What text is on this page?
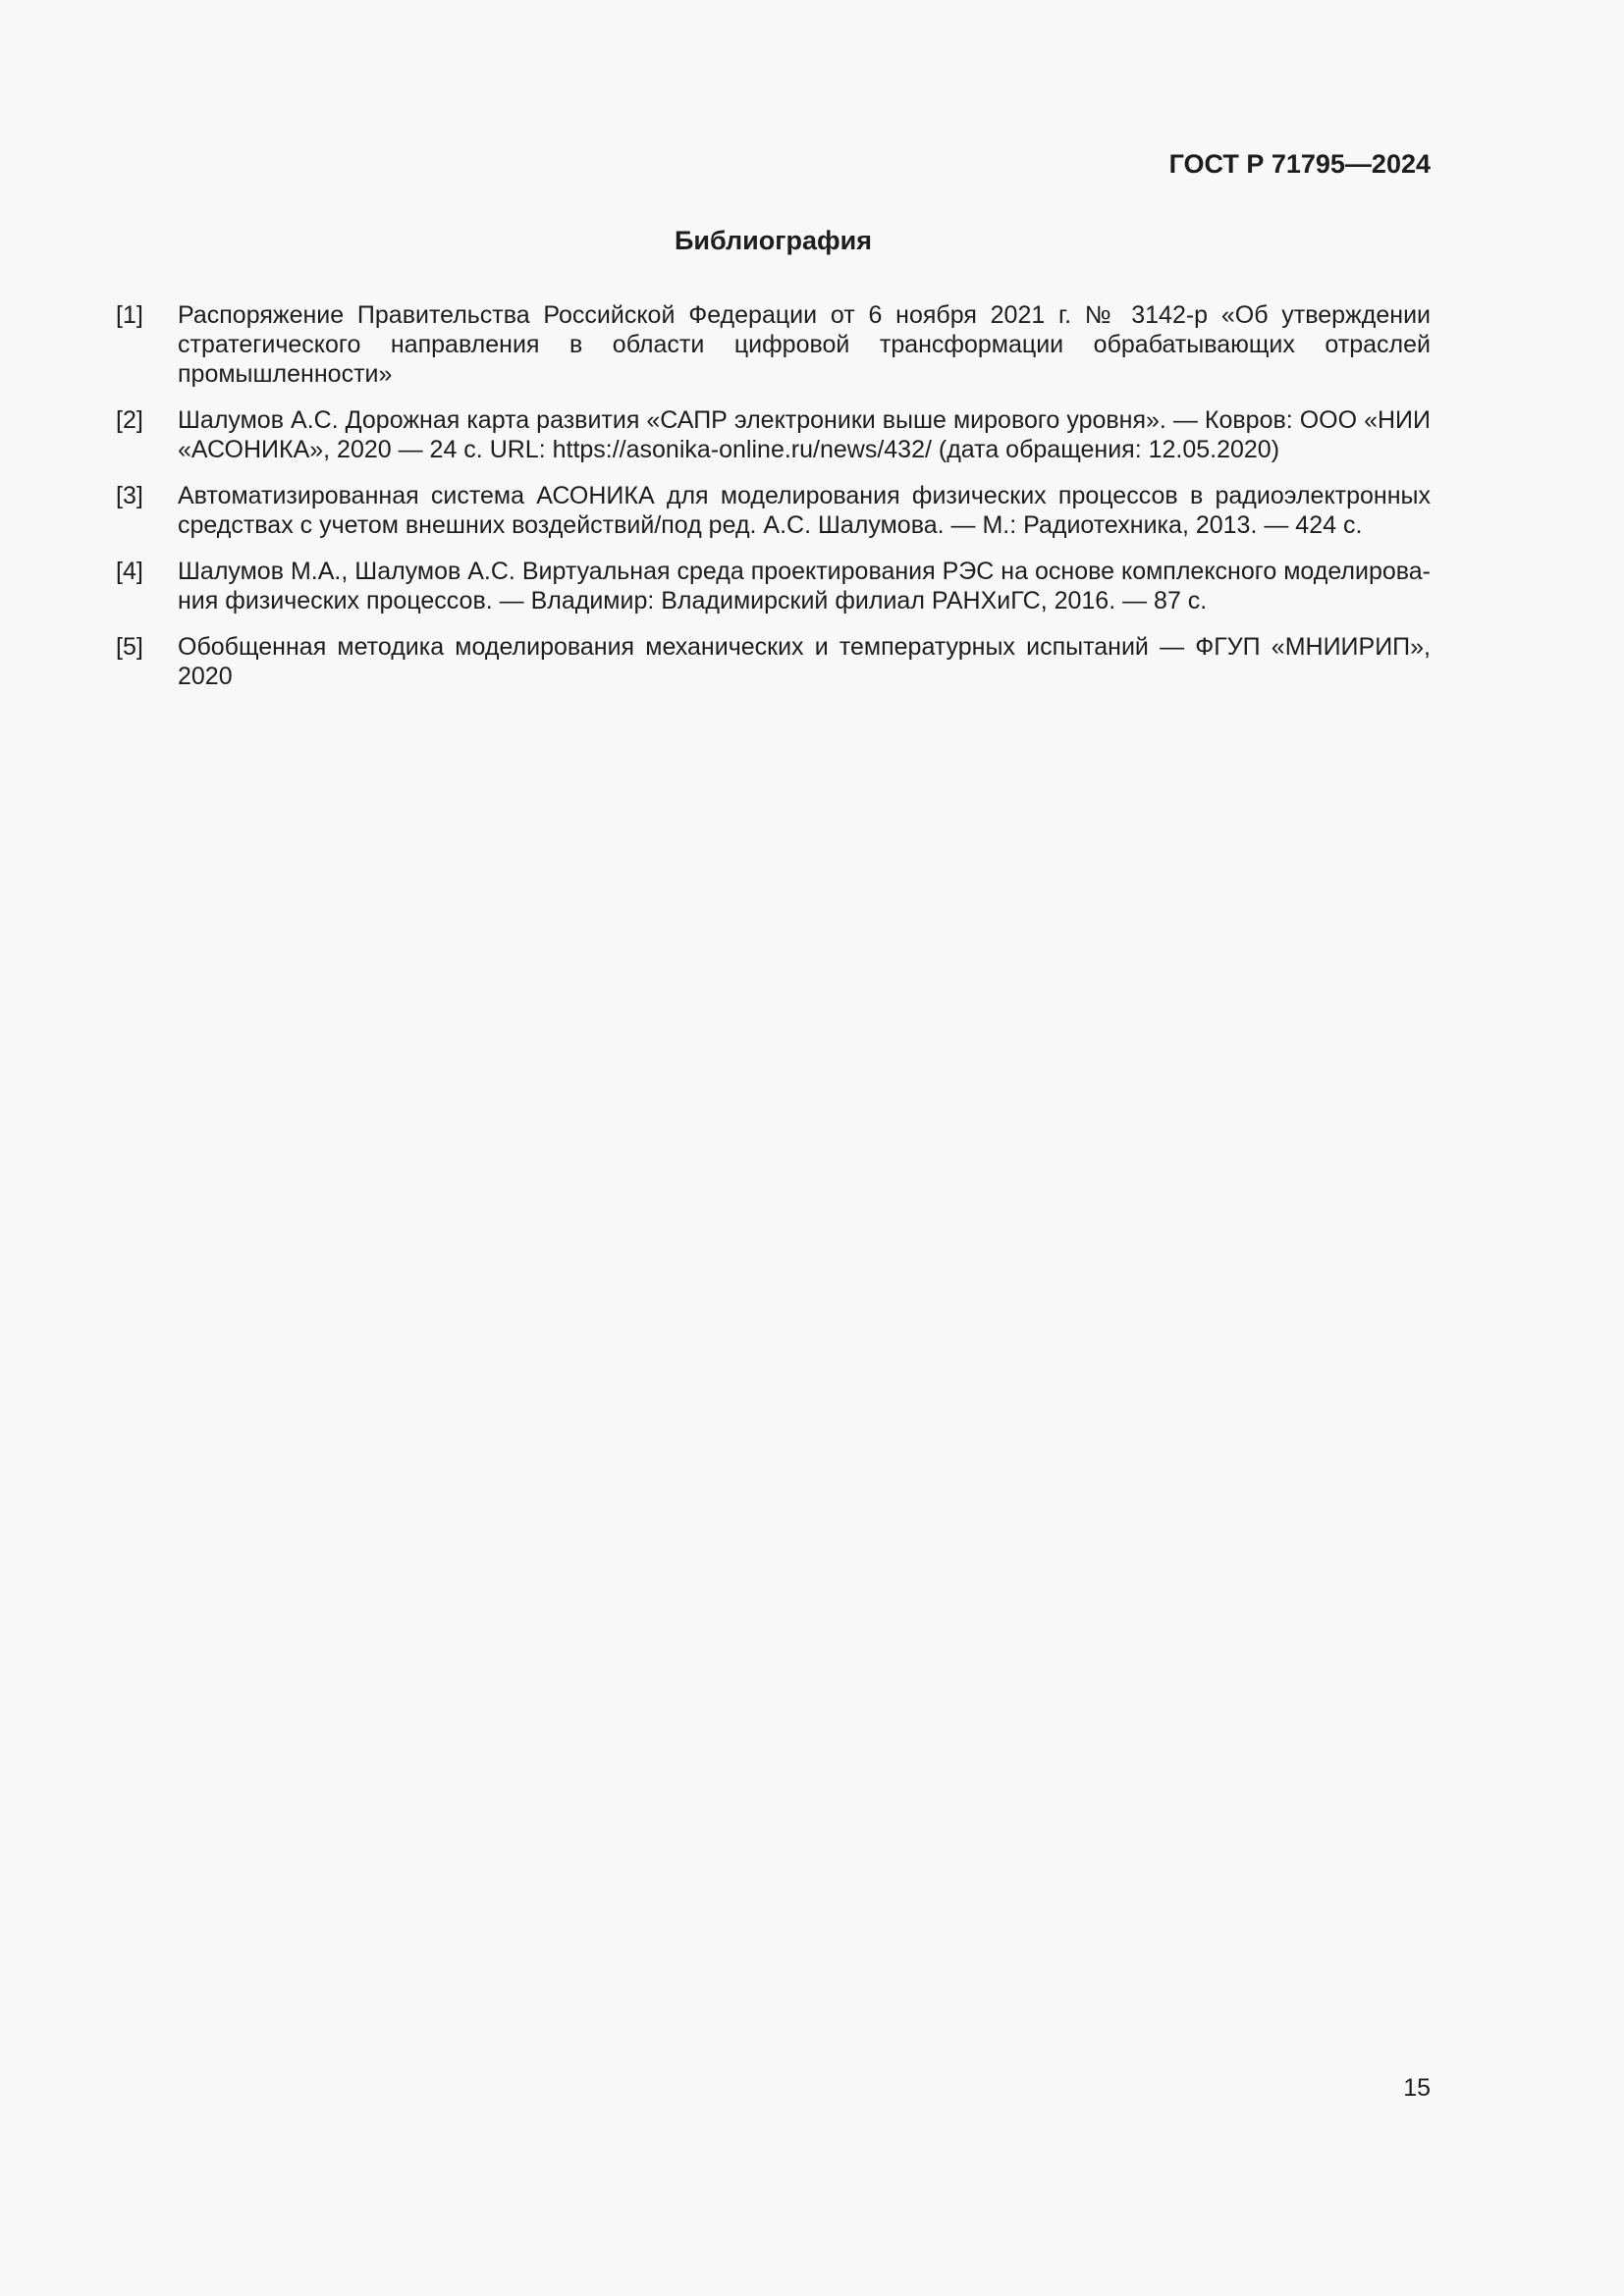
ГОСТ Р 71795—2024
Библиография
[1]	Распоряжение Правительства Российской Федерации от 6 ноября 2021 г. № 3142-р «Об утверждении стратегического направления в области цифровой трансформации обрабатывающих отраслей промышленности»
[2]	Шалумов А.С. Дорожная карта развития «САПР электроники выше мирового уровня». — Ковров: ООО «НИИ «АСОНИКА», 2020 — 24 с. URL: https://asonika-online.ru/news/432/ (дата обращения: 12.05.2020)
[3]	Автоматизированная система АСОНИКА для моделирования физических процессов в радиоэлектронных средствах с учетом внешних воздействий/под ред. А.С. Шалумова. — М.: Радиотехника, 2013. — 424 с.
[4]	Шалумов М.А., Шалумов А.С. Виртуальная среда проектирования РЭС на основе комплексного моделирования физических процессов. — Владимир: Владимирский филиал РАНХиГС, 2016. — 87 с.
[5]	Обобщенная методика моделирования механических и температурных испытаний — ФГУП «МНИИРИП», 2020
15
